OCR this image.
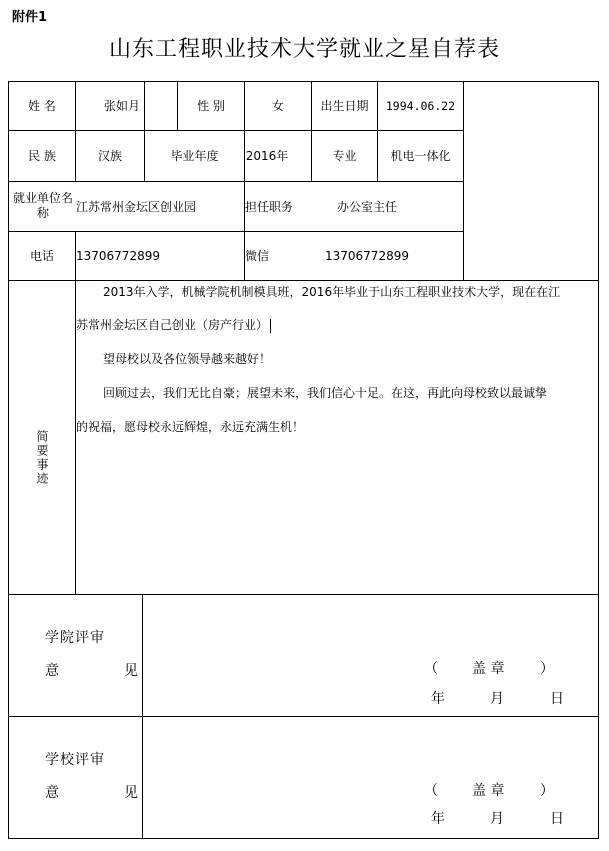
附件1
山东工程职业技术大学就业之星自荐表
姓 名	张如月	性 别	女	出生日期	1994.06.22
民 族	汉族	毕业年度	2016年	专业	机电一体化
就业单位名称	江苏常州金坛区创业园	担任职务	办公室主任
电话	13706772899	微信	13706772899
简要事迹

2013年入学，机械学院机制模具班，2016年毕业于山东工程职业技术大学，现在在江

苏常州金坛区自己创业（房产行业）

望母校以及各位领导越来越好！

回顾过去，我们无比自豪；展望未来，我们信心十足。在这，再此向母校致以最诚挚

的祝福，愿母校永远辉煌，永远充满生机！

学院评审
意	见	（ 盖 章	）
年	月	日
学校评审
意	见	（ 盖 章	）
年	月	日
